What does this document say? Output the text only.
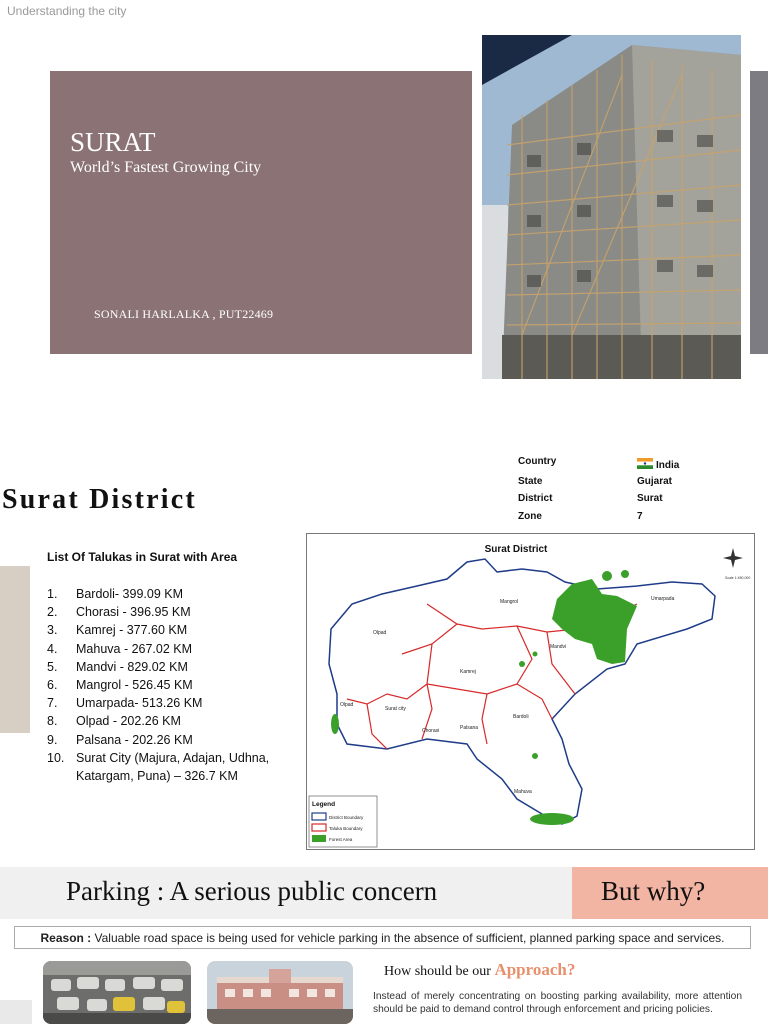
Understanding the city
SURAT
World’s Fastest Growing City
SONALI HARLALKA , PUT22469
Surat District
Country	India
State	Gujarat
District	Surat
Zone	7
List Of Talukas in Surat with Area
1. Bardoli- 399.09 KM
2. Chorasi - 396.95 KM
3. Kamrej - 377.60 KM
4. Mahuva - 267.02 KM
5. Mandvi - 829.02 KM
6. Mangrol - 526.45 KM
7. Umarpada- 513.26 KM
8. Olpad - 202.26 KM
9. Palsana - 202.26 KM
10. Surat City (Majura, Adajan, Udhna, Katargam, Puna) – 326.7 KM
Surat District
Scale 1:450,000
Mangrol	Umarpada
Olpad
Mandvi
Kamrej
Olpad
Surat city
Chorasi	Palsana
Bardoli
Mahuva
Legend
District Boundary
Taluka Boundary
Forest Area
Parking : A serious public concern	But why?
Reason : Valuable road space is being used for vehicle parking in the absence of sufficient, planned parking space and services.
How should be our Approach?
Instead of merely concentrating on boosting parking availability, more attention should be paid to demand control through enforcement and pricing policies.
